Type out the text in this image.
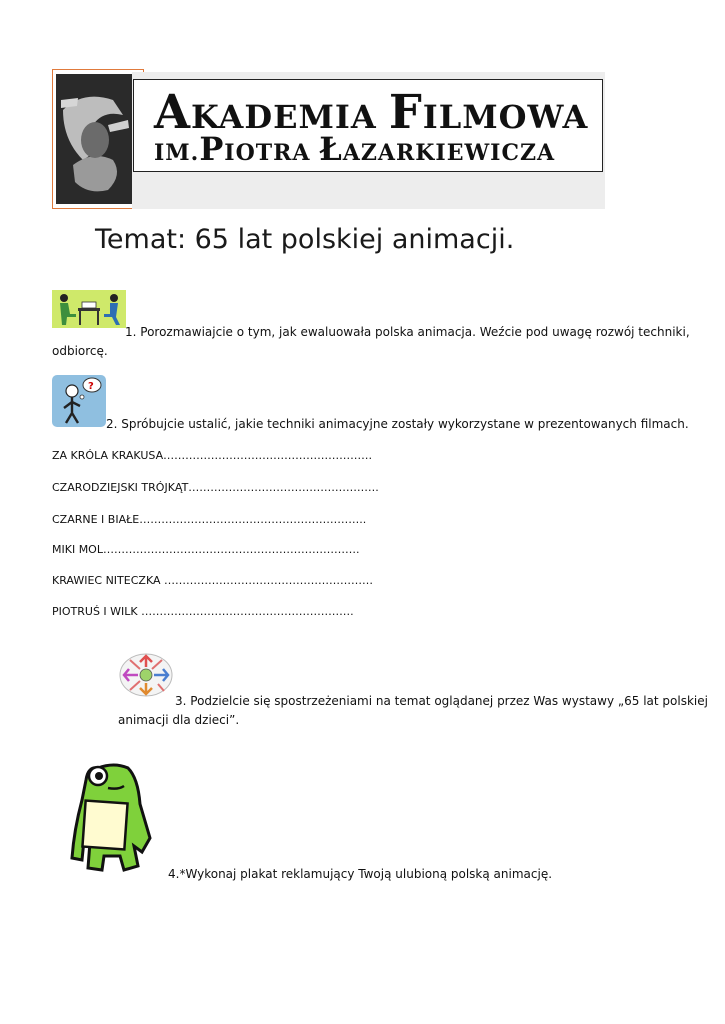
AKADEMIA FILMOWA
IM.PIOTRA ŁAZARKIEWICZA
Temat: 65 lat polskiej animacji.
1. Porozmawiajcie o tym, jak ewaluowała polska animacja. Weźcie pod uwagę rozwój techniki,
odbiorcę.
?
2. Spróbujcie ustalić, jakie techniki animacyjne zostały wykorzystane w prezentowanych filmach.
ZA KRÓLA KRAKUSA…………………………………………………
CZARODZIEJSKI TRÓJKĄT…………………………………………….
CZARNE I BIAŁE……………………………………………………..
MIKI MOL…………………………………………………………….
KRAWIEC NITECZKA …………………………………………………
PIOTRUŚ I WILK ………………………………………………….
3. Podzielcie się spostrzeżeniami na temat oglądanej przez Was wystawy „65 lat polskiej
animacji dla dzieci”.
4.*Wykonaj plakat reklamujący Twoją ulubioną polską animację.
